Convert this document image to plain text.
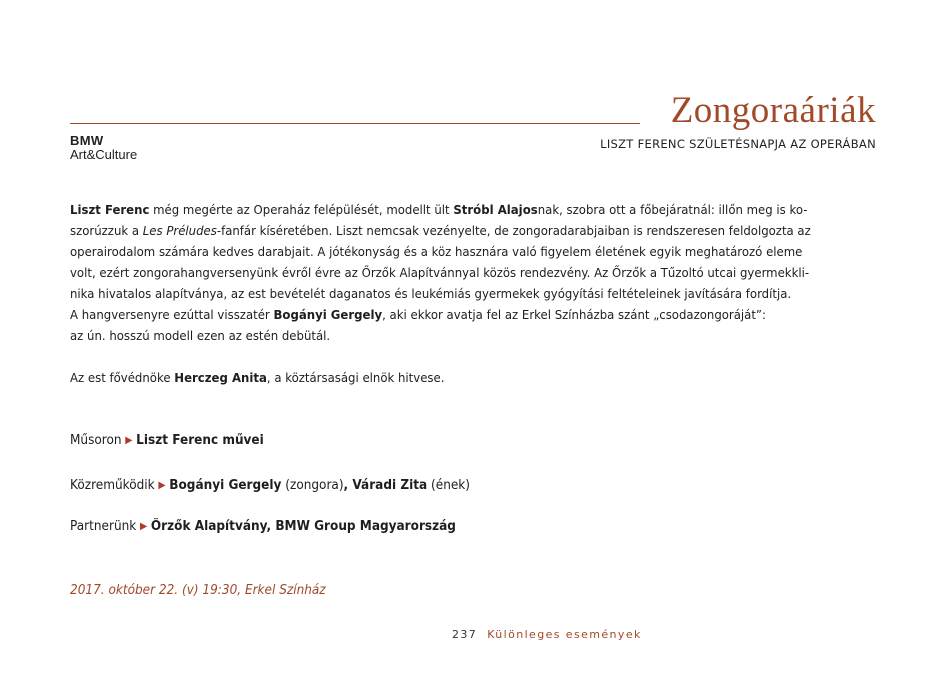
BMW
Art&Culture
Zongoraáriák
LISZT FERENC SZÜLETÉSNAPJA AZ OPERÁBAN

Liszt Ferenc még megérte az Operaház felépülését, modellt ült Stróbl Alajosnak, szobra ott a főbejáratnál: illőn meg is ko-
szorúzzuk a Les Préludes-fanfár kíséretében. Liszt nemcsak vezényelte, de zongoradarabjaiban is rendszeresen feldolgozta az
operairodalom számára kedves darabjait. A jótékonyság és a köz hasznára való figyelem életének egyik meghatározó eleme
volt, ezért zongorahangversenyünk évről évre az Őrzők Alapítvánnyal közös rendezvény. Az Őrzők a Tűzoltó utcai gyermekkli-
nika hivatalos alapítványa, az est bevételét daganatos és leukémiás gyermekek gyógyítási feltételeinek javítására fordítja.
A hangversenyre ezúttal visszatér Bogányi Gergely, aki ekkor avatja fel az Erkel Színházba szánt „csodazongoráját”:
az ún. hosszú modell ezen az estén debütál.

Az est fővédnöke Herczeg Anita, a köztársasági elnök hitvese.

Műsoron ▶ Liszt Ferenc művei
Közreműködik ▶ Bogányi Gergely (zongora), Váradi Zita (ének)
Partnerünk ▶ Őrzők Alapítvány, BMW Group Magyarország
2017. október 22. (v) 19:30, Erkel Színház
237 Különleges események
